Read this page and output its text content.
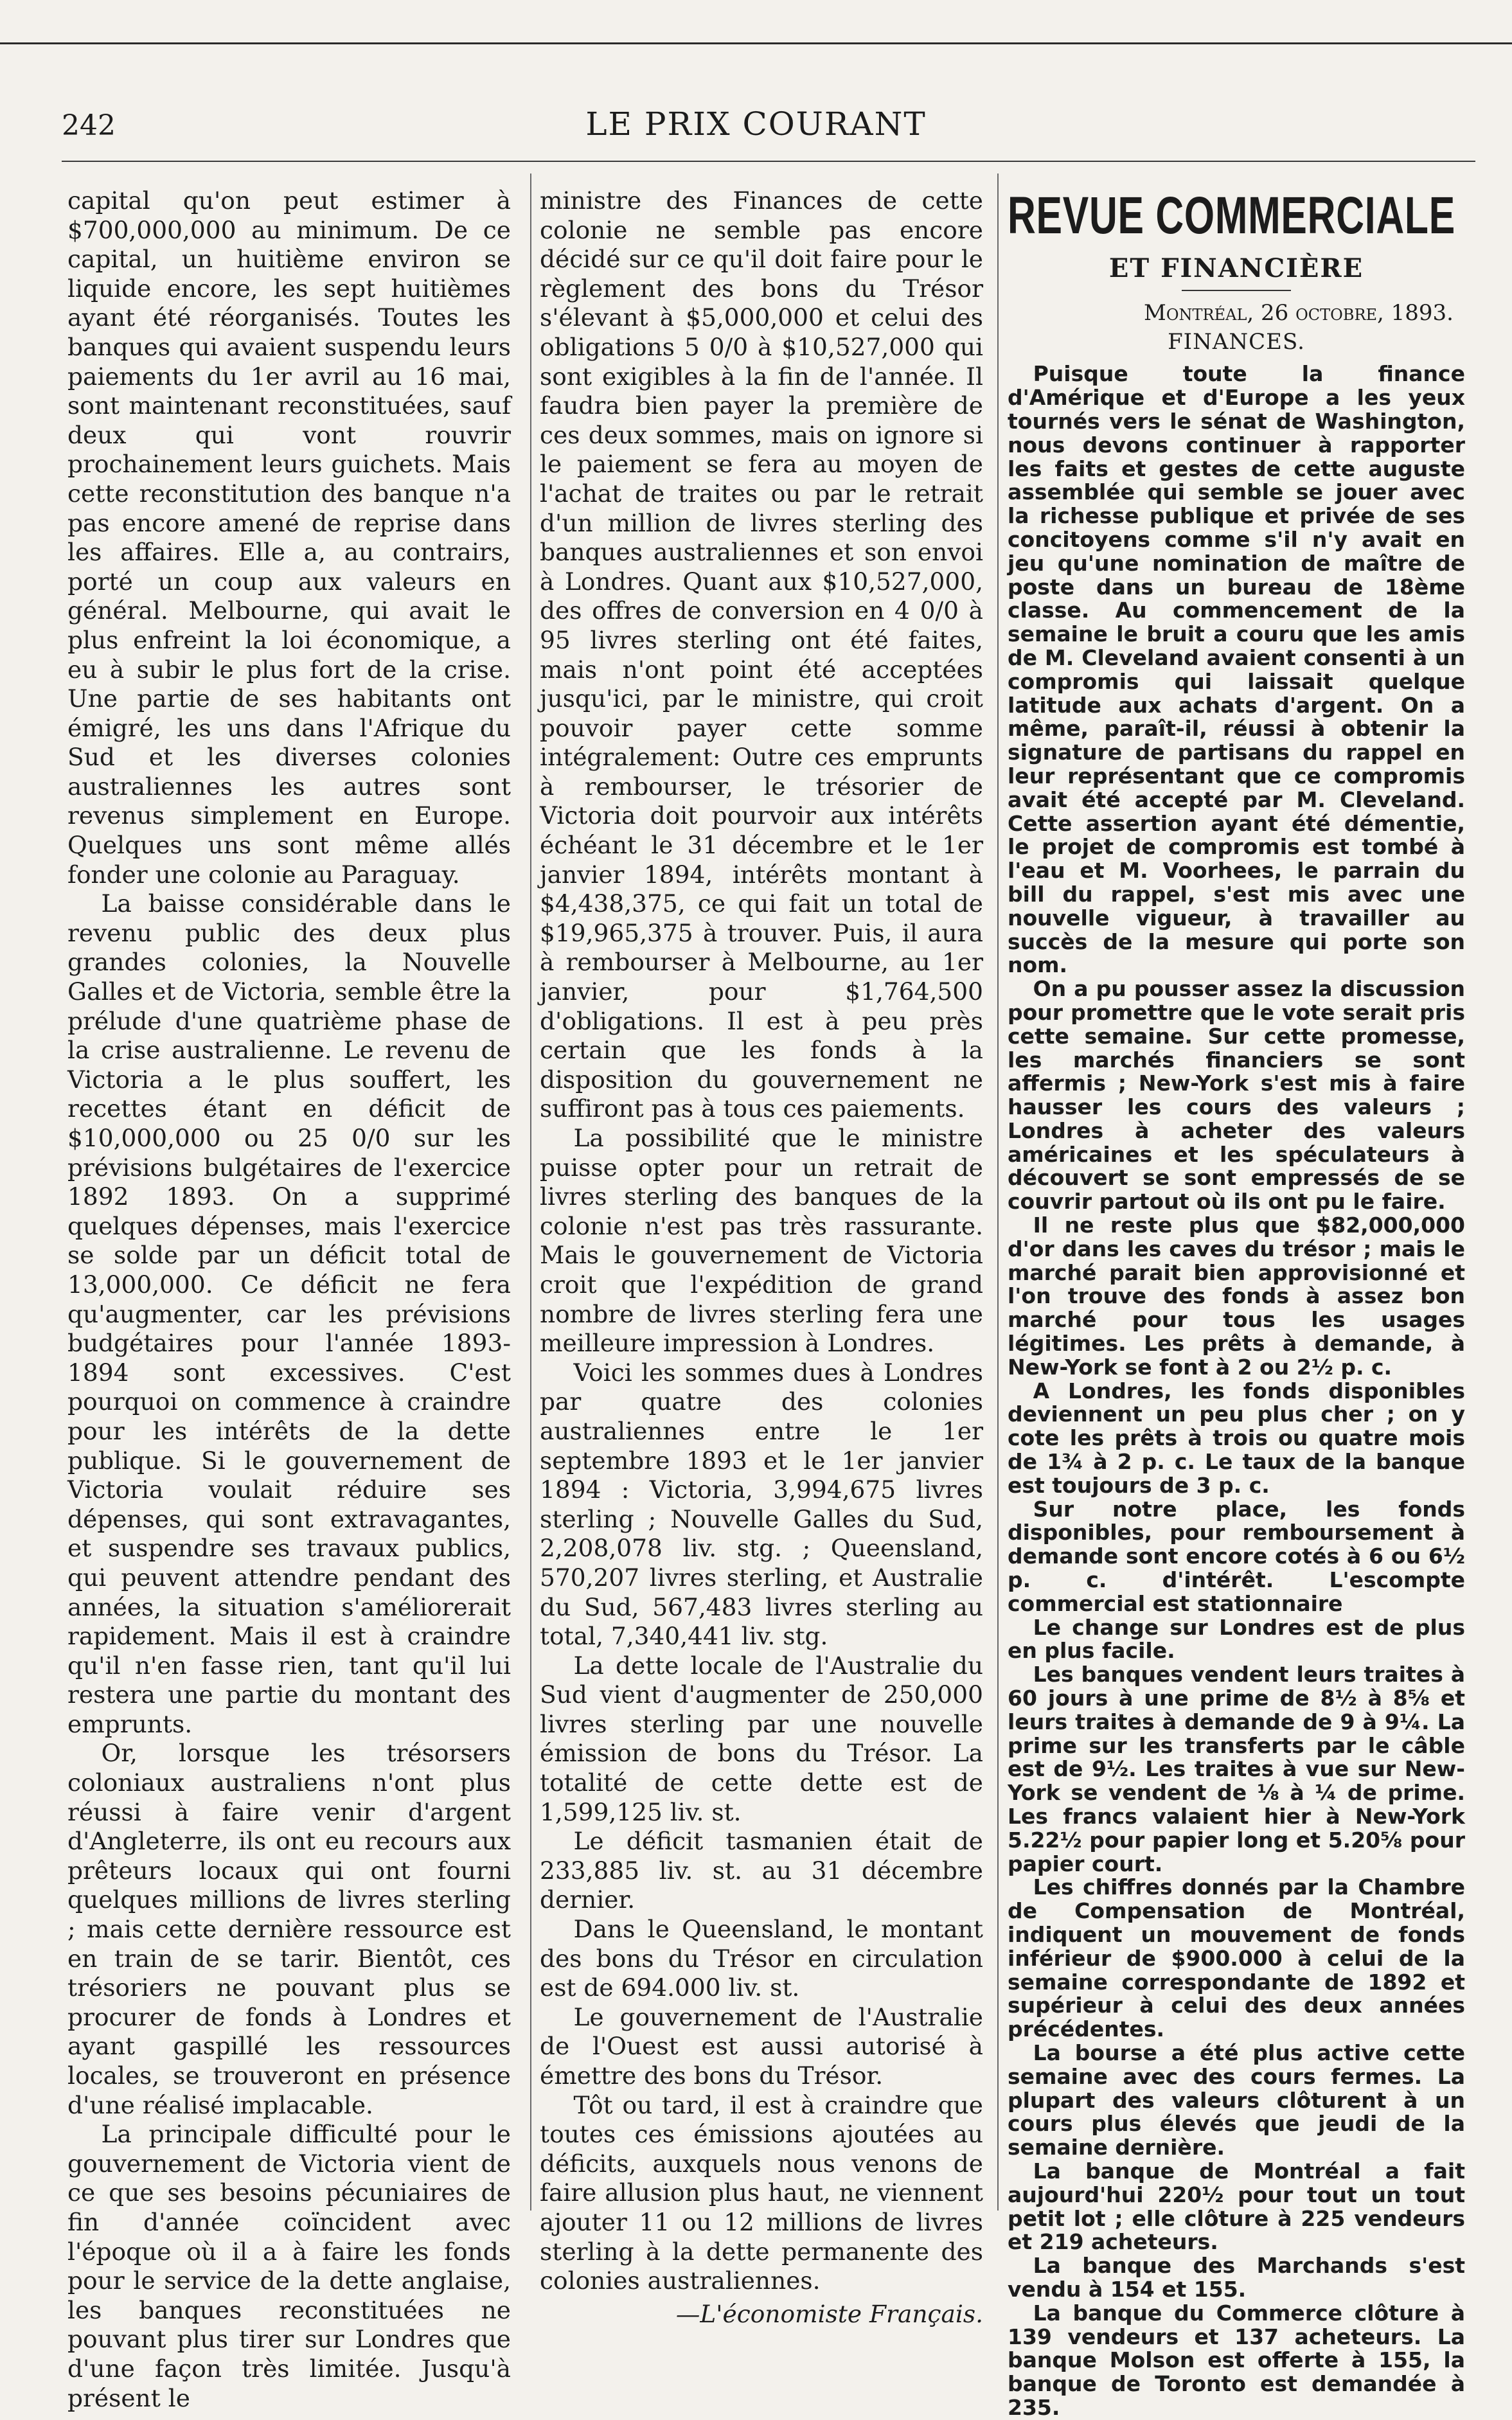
242	LE PRIX COURANT

capital qu'on peut estimer à $700,000,000 au minimum. De ce capital, un huitième environ se liquide encore, les sept huitièmes ayant été réorganisés. Toutes les banques qui avaient suspendu leurs paiements du 1er avril au 16 mai, sont maintenant reconstituées, sauf deux qui vont rouvrir prochainement leurs guichets. Mais cette reconstitution des banque n'a pas encore amené de reprise dans les affaires. Elle a, au contrairs, porté un coup aux valeurs en général. Melbourne, qui avait le plus enfreint la loi économique, a eu à subir le plus fort de la crise. Une partie de ses habitants ont émigré, les uns dans l'Afrique du Sud et les diverses colonies australiennes les autres sont revenus simplement en Europe. Quelques uns sont même allés fonder une colonie au Paraguay.

La baisse considérable dans le revenu public des deux plus grandes colonies, la Nouvelle Galles et de Victoria, semble être la prélude d'une quatrième phase de la crise australienne. Le revenu de Victoria a le plus souffert, les recettes étant en déficit de $10,000,000 ou 25 0/0 sur les prévisions bulgétaires de l'exercice 1892 1893. On a supprimé quelques dépenses, mais l'exercice se solde par un déficit total de 13,000,000. Ce déficit ne fera qu'augmenter, car les prévisions budgétaires pour l'année 1893-1894 sont excessives. C'est pourquoi on commence à craindre pour les intérêts de la dette publique. Si le gouvernement de Victoria voulait réduire ses dépenses, qui sont extravagantes, et suspendre ses travaux publics, qui peuvent attendre pendant des années, la situation s'améliorerait rapidement. Mais il est à craindre qu'il n'en fasse rien, tant qu'il lui restera une partie du montant des emprunts.

Or, lorsque les trésorsers coloniaux australiens n'ont plus réussi à faire venir d'argent d'Angleterre, ils ont eu recours aux prêteurs locaux qui ont fourni quelques millions de livres sterling ; mais cette dernière ressource est en train de se tarir. Bientôt, ces trésoriers ne pouvant plus se procurer de fonds à Londres et ayant gaspillé les ressources locales, se trouveront en présence d'une réalisé implacable.

La principale difficulté pour le gouvernement de Victoria vient de ce que ses besoins pécuniaires de fin d'année coïncident avec l'époque où il a à faire les fonds pour le service de la dette anglaise, les banques reconstituées ne pouvant plus tirer sur Londres que d'une façon très limitée. Jusqu'à présent le

ministre des Finances de cette colonie ne semble pas encore décidé sur ce qu'il doit faire pour le règlement des bons du Trésor s'élevant à $5,000,000 et celui des obligations 5 0/0 à $10,527,000 qui sont exigibles à la fin de l'année. Il faudra bien payer la première de ces deux sommes, mais on ignore si le paiement se fera au moyen de l'achat de traites ou par le retrait d'un million de livres sterling des banques australiennes et son envoi à Londres. Quant aux $10,527,000, des offres de conversion en 4 0/0 à 95 livres sterling ont été faites, mais n'ont point été acceptées jusqu'ici, par le ministre, qui croit pouvoir payer cette somme intégralement: Outre ces emprunts à rembourser, le trésorier de Victoria doit pourvoir aux intérêts échéant le 31 décembre et le 1er janvier 1894, intérêts montant à $4,438,375, ce qui fait un total de $19,965,375 à trouver. Puis, il aura à rembourser à Melbourne, au 1er janvier, pour $1,764,500 d'obligations. Il est à peu près certain que les fonds à la disposition du gouvernement ne suffiront pas à tous ces paiements.

La possibilité que le ministre puisse opter pour un retrait de livres sterling des banques de la colonie n'est pas très rassurante. Mais le gouvernement de Victoria croit que l'expédition de grand nombre de livres sterling fera une meilleure impression à Londres.

Voici les sommes dues à Londres par quatre des colonies australiennes entre le 1er septembre 1893 et le 1er janvier 1894 : Victoria, 3,994,675 livres sterling ; Nouvelle Galles du Sud, 2,208,078 liv. stg. ; Queensland, 570,207 livres sterling, et Australie du Sud, 567,483 livres sterling au total, 7,340,441 liv. stg.

La dette locale de l'Australie du Sud vient d'augmenter de 250,000 livres sterling par une nouvelle émission de bons du Trésor. La totalité de cette dette est de 1,599,125 liv. st.

Le déficit tasmanien était de 233,885 liv. st. au 31 décembre dernier.

Dans le Queensland, le montant des bons du Trésor en circulation est de 694.000 liv. st.

Le gouvernement de l'Australie de l'Ouest est aussi autorisé à émettre des bons du Trésor.

Tôt ou tard, il est à craindre que toutes ces émissions ajoutées au déficits, auxquels nous venons de faire allusion plus haut, ne viennent ajouter 11 ou 12 millions de livres sterling à la dette permanente des colonies australiennes.

—L'économiste Français.

REVUE COMMERCIALE
ET FINANCIÈRE
Montréal, 26 octobre, 1893.
FINANCES.

Puisque toute la finance d'Amérique et d'Europe a les yeux tournés vers le sénat de Washington, nous devons continuer à rapporter les faits et gestes de cette auguste assemblée qui semble se jouer avec la richesse publique et privée de ses concitoyens comme s'il n'y avait en jeu qu'une nomination de maître de poste dans un bureau de 18ème classe. Au commencement de la semaine le bruit a couru que les amis de M. Cleveland avaient consenti à un compromis qui laissait quelque latitude aux achats d'argent. On a même, paraît-il, réussi à obtenir la signature de partisans du rappel en leur représentant que ce compromis avait été accepté par M. Cleveland. Cette assertion ayant été démentie, le projet de compromis est tombé à l'eau et M. Voorhees, le parrain du bill du rappel, s'est mis avec une nouvelle vigueur, à travailler au succès de la mesure qui porte son nom.

On a pu pousser assez la discussion pour promettre que le vote serait pris cette semaine. Sur cette promesse, les marchés financiers se sont affermis ; New-York s'est mis à faire hausser les cours des valeurs ; Londres à acheter des valeurs américaines et les spéculateurs à découvert se sont empressés de se couvrir partout où ils ont pu le faire.

Il ne reste plus que $82,000,000 d'or dans les caves du trésor ; mais le marché parait bien approvisionné et l'on trouve des fonds à assez bon marché pour tous les usages légitimes. Les prêts à demande, à New-York se font à 2 ou 2½ p. c.

A Londres, les fonds disponibles deviennent un peu plus cher ; on y cote les prêts à trois ou quatre mois de 1¾ à 2 p. c. Le taux de la banque est toujours de 3 p. c.

Sur notre place, les fonds disponibles, pour remboursement à demande sont encore cotés à 6 ou 6½ p. c. d'intérêt. L'escompte commercial est stationnaire

Le change sur Londres est de plus en plus facile.

Les banques vendent leurs traites à 60 jours à une prime de 8½ à 8⅝ et leurs traites à demande de 9 à 9¼. La prime sur les transferts par le câble est de 9½. Les traites à vue sur New-York se vendent de ⅛ à ¼ de prime. Les francs valaient hier à New-York 5.22½ pour papier long et 5.20⅝ pour papier court.

Les chiffres donnés par la Chambre de Compensation de Montréal, indiquent un mouvement de fonds inférieur de $900.000 à celui de la semaine correspondante de 1892 et supérieur à celui des deux années précédentes.

La bourse a été plus active cette semaine avec des cours fermes. La plupart des valeurs clôturent à un cours plus élevés que jeudi de la semaine dernière.

La banque de Montréal a fait aujourd'hui 220½ pour tout un tout petit lot ; elle clôture à 225 vendeurs et 219 acheteurs.

La banque des Marchands s'est vendu à 154 et 155.

La banque du Commerce clôture à 139 vendeurs et 137 acheteurs. La banque Molson est offerte à 155, la banque de Toronto est demandée à 235.
